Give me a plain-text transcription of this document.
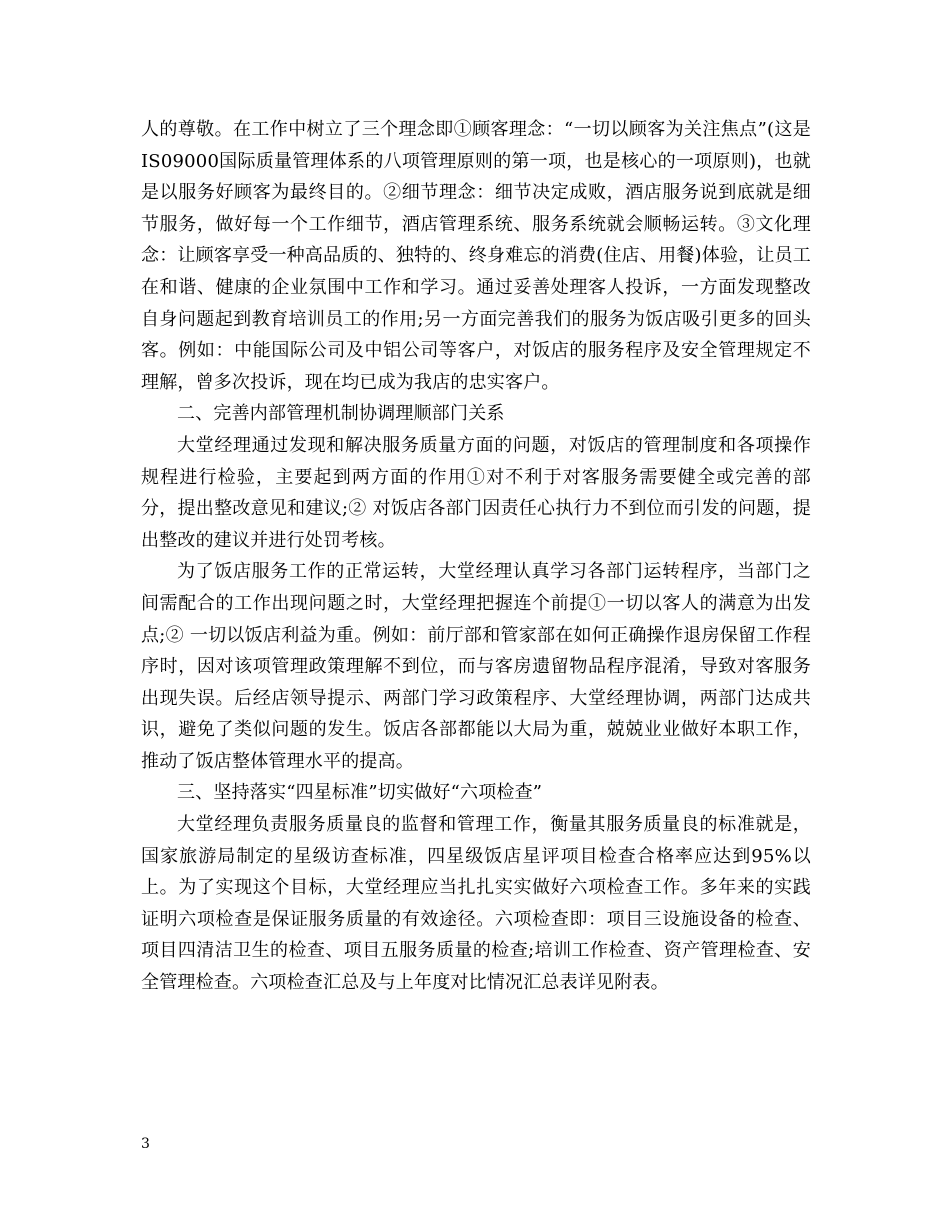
人的尊敬。在工作中树立了三个理念即①顾客理念：“一切以顾客为关注焦点”(这是IS09000国际质量管理体系的八项管理原则的第一项，也是核心的一项原则)，也就是以服务好顾客为最终目的。②细节理念：细节决定成败，酒店服务说到底就是细节服务，做好每一个工作细节，酒店管理系统、服务系统就会顺畅运转。③文化理念：让顾客享受一种高品质的、独特的、终身难忘的消费(住店、用餐)体验，让员工在和谐、健康的企业氛围中工作和学习。通过妥善处理客人投诉，一方面发现整改自身问题起到教育培训员工的作用;另一方面完善我们的服务为饭店吸引更多的回头客。例如：中能国际公司及中铝公司等客户，对饭店的服务程序及安全管理规定不理解，曾多次投诉，现在均已成为我店的忠实客户。

二、完善内部管理机制协调理顺部门关系

大堂经理通过发现和解决服务质量方面的问题，对饭店的管理制度和各项操作规程进行检验，主要起到两方面的作用①对不利于对客服务需要健全或完善的部分，提出整改意见和建议;② 对饭店各部门因责任心执行力不到位而引发的问题，提出整改的建议并进行处罚考核。

为了饭店服务工作的正常运转，大堂经理认真学习各部门运转程序，当部门之间需配合的工作出现问题之时，大堂经理把握连个前提①一切以客人的满意为出发点;② 一切以饭店利益为重。例如：前厅部和管家部在如何正确操作退房保留工作程序时，因对该项管理政策理解不到位，而与客房遗留物品程序混淆，导致对客服务出现失误。后经店领导提示、两部门学习政策程序、大堂经理协调，两部门达成共识，避免了类似问题的发生。饭店各部都能以大局为重，兢兢业业做好本职工作，推动了饭店整体管理水平的提高。

三、坚持落实“四星标准”切实做好“六项检查”

大堂经理负责服务质量良的监督和管理工作，衡量其服务质量良的标准就是，国家旅游局制定的星级访查标准，四星级饭店星评项目检查合格率应达到95%以上。为了实现这个目标，大堂经理应当扎扎实实做好六项检查工作。多年来的实践证明六项检查是保证服务质量的有效途径。六项检查即：项目三设施设备的检查、项目四清洁卫生的检查、项目五服务质量的检查;培训工作检查、资产管理检查、安全管理检查。六项检查汇总及与上年度对比情况汇总表详见附表。

3
